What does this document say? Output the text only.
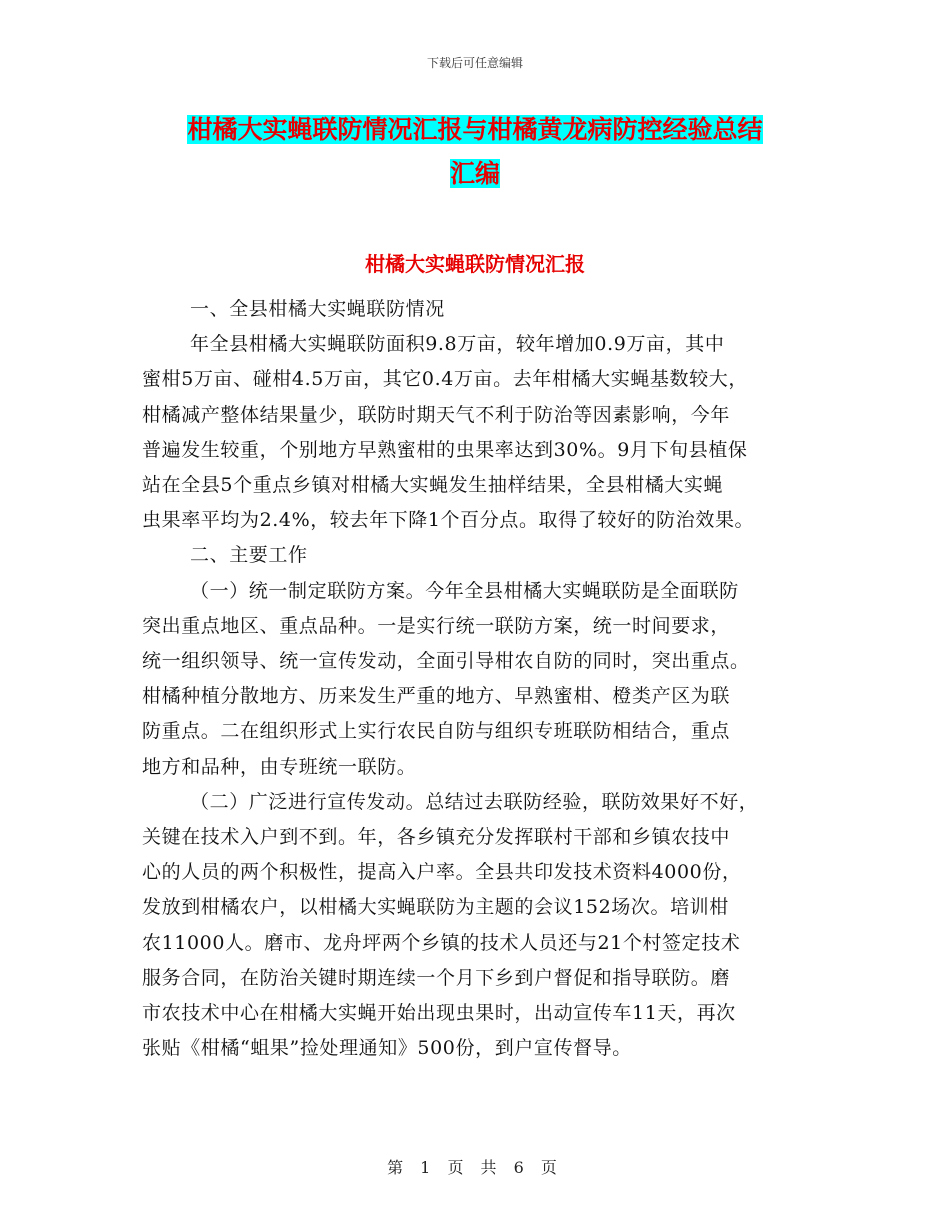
下载后可任意编辑
柑橘大实蝇联防情况汇报与柑橘黄龙病防控经验总结
汇编
柑橘大实蝇联防情况汇报

一、全县柑橘大实蝇联防情况

年全县柑橘大实蝇联防面积9.8万亩，较年增加0.9万亩，其中
蜜柑5万亩、碰柑4.5万亩，其它0.4万亩。去年柑橘大实蝇基数较大，
柑橘减产整体结果量少，联防时期天气不利于防治等因素影响，今年
普遍发生较重，个别地方早熟蜜柑的虫果率达到30%。9月下旬县植保
站在全县5个重点乡镇对柑橘大实蝇发生抽样结果，全县柑橘大实蝇
虫果率平均为2.4%，较去年下降1个百分点。取得了较好的防治效果。

二、主要工作

（一）统一制定联防方案。今年全县柑橘大实蝇联防是全面联防
突出重点地区、重点品种。一是实行统一联防方案，统一时间要求，
统一组织领导、统一宣传发动，全面引导柑农自防的同时，突出重点。
柑橘种植分散地方、历来发生严重的地方、早熟蜜柑、橙类产区为联
防重点。二在组织形式上实行农民自防与组织专班联防相结合，重点
地方和品种，由专班统一联防。

（二）广泛进行宣传发动。总结过去联防经验，联防效果好不好，
关键在技术入户到不到。年，各乡镇充分发挥联村干部和乡镇农技中
心的人员的两个积极性，提高入户率。全县共印发技术资料4000份，
发放到柑橘农户，以柑橘大实蝇联防为主题的会议152场次。培训柑
农11000人。磨市、龙舟坪两个乡镇的技术人员还与21个村签定技术
服务合同，在防治关键时期连续一个月下乡到户督促和指导联防。磨
市农技术中心在柑橘大实蝇开始出现虫果时，出动宣传车11天，再次
张贴《柑橘“蛆果”捡处理通知》500份，到户宣传督导。

第 1 页 共 6 页
